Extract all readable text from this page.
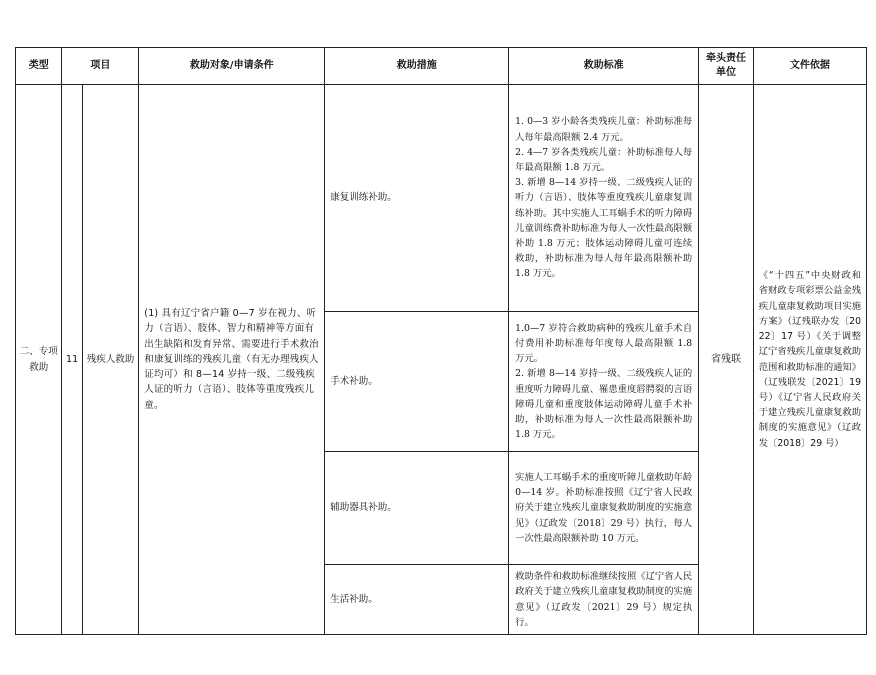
类型	项目		救助对象/申请条件	救助措施	救助标准	牵头责任单位	文件依据
二、专项救助	11	残疾人救助	(1) 具有辽宁省户籍 0—7 岁在视力、听力（言语）、肢体、智力和精神等方面有出生缺陷和发育异常、需要进行手术救治和康复训练的残疾儿童（有无办理残疾人证均可）和 8—14 岁持一级、二级残疾人证的听力（言语）、肢体等重度残疾儿童。	康复训练补助。	1. 0—3 岁小龄各类残疾儿童：补助标准每人每年最高限额 2.4 万元。
2. 4—7 岁各类残疾儿童：补助标准每人每年最高限额 1.8 万元。
3. 新增 8—14 岁持一级、二级残疾人证的听力（言语）、肢体等重度残疾儿童康复训练补助。其中实施人工耳蜗手术的听力障碍儿童训练费补助标准为每人一次性最高限额补助 1.8 万元；肢体运动障碍儿童可连续救助，补助标准为每人每年最高限额补助 1.8 万元。	省残联	《“十四五”中央财政和省财政专项彩票公益金残疾儿童康复救助项目实施方案》（辽残联办发〔2022〕17 号）《关于调整辽宁省残疾儿童康复救助范围和救助标准的通知》（辽残联发〔2021〕19 号）《辽宁省人民政府关于建立残疾儿童康复救助制度的实施意见》（辽政发〔2018〕29 号）
				手术补助。	1.0—7 岁符合救助病种的残疾儿童手术自付费用补助标准每年度每人最高限额 1.8 万元。
2. 新增 8—14 岁持一级、二级残疾人证的重度听力障碍儿童、罹患重度唇腭裂的言语障碍儿童和重度肢体运动障碍儿童手术补助，补助标准为每人一次性最高限额补助 1.8 万元。		
				辅助器具补助。	实施人工耳蜗手术的重度听障儿童救助年龄 0—14 岁。补助标准按照《辽宁省人民政府关于建立残疾儿童康复救助制度的实施意见》（辽政发〔2018〕29 号）执行，每人一次性最高限额补助 10 万元。		
				生活补助。	救助条件和救助标准继续按照《辽宁省人民政府关于建立残疾儿童康复救助制度的实施意见》（辽政发〔2021〕29 号）规定执行。		
